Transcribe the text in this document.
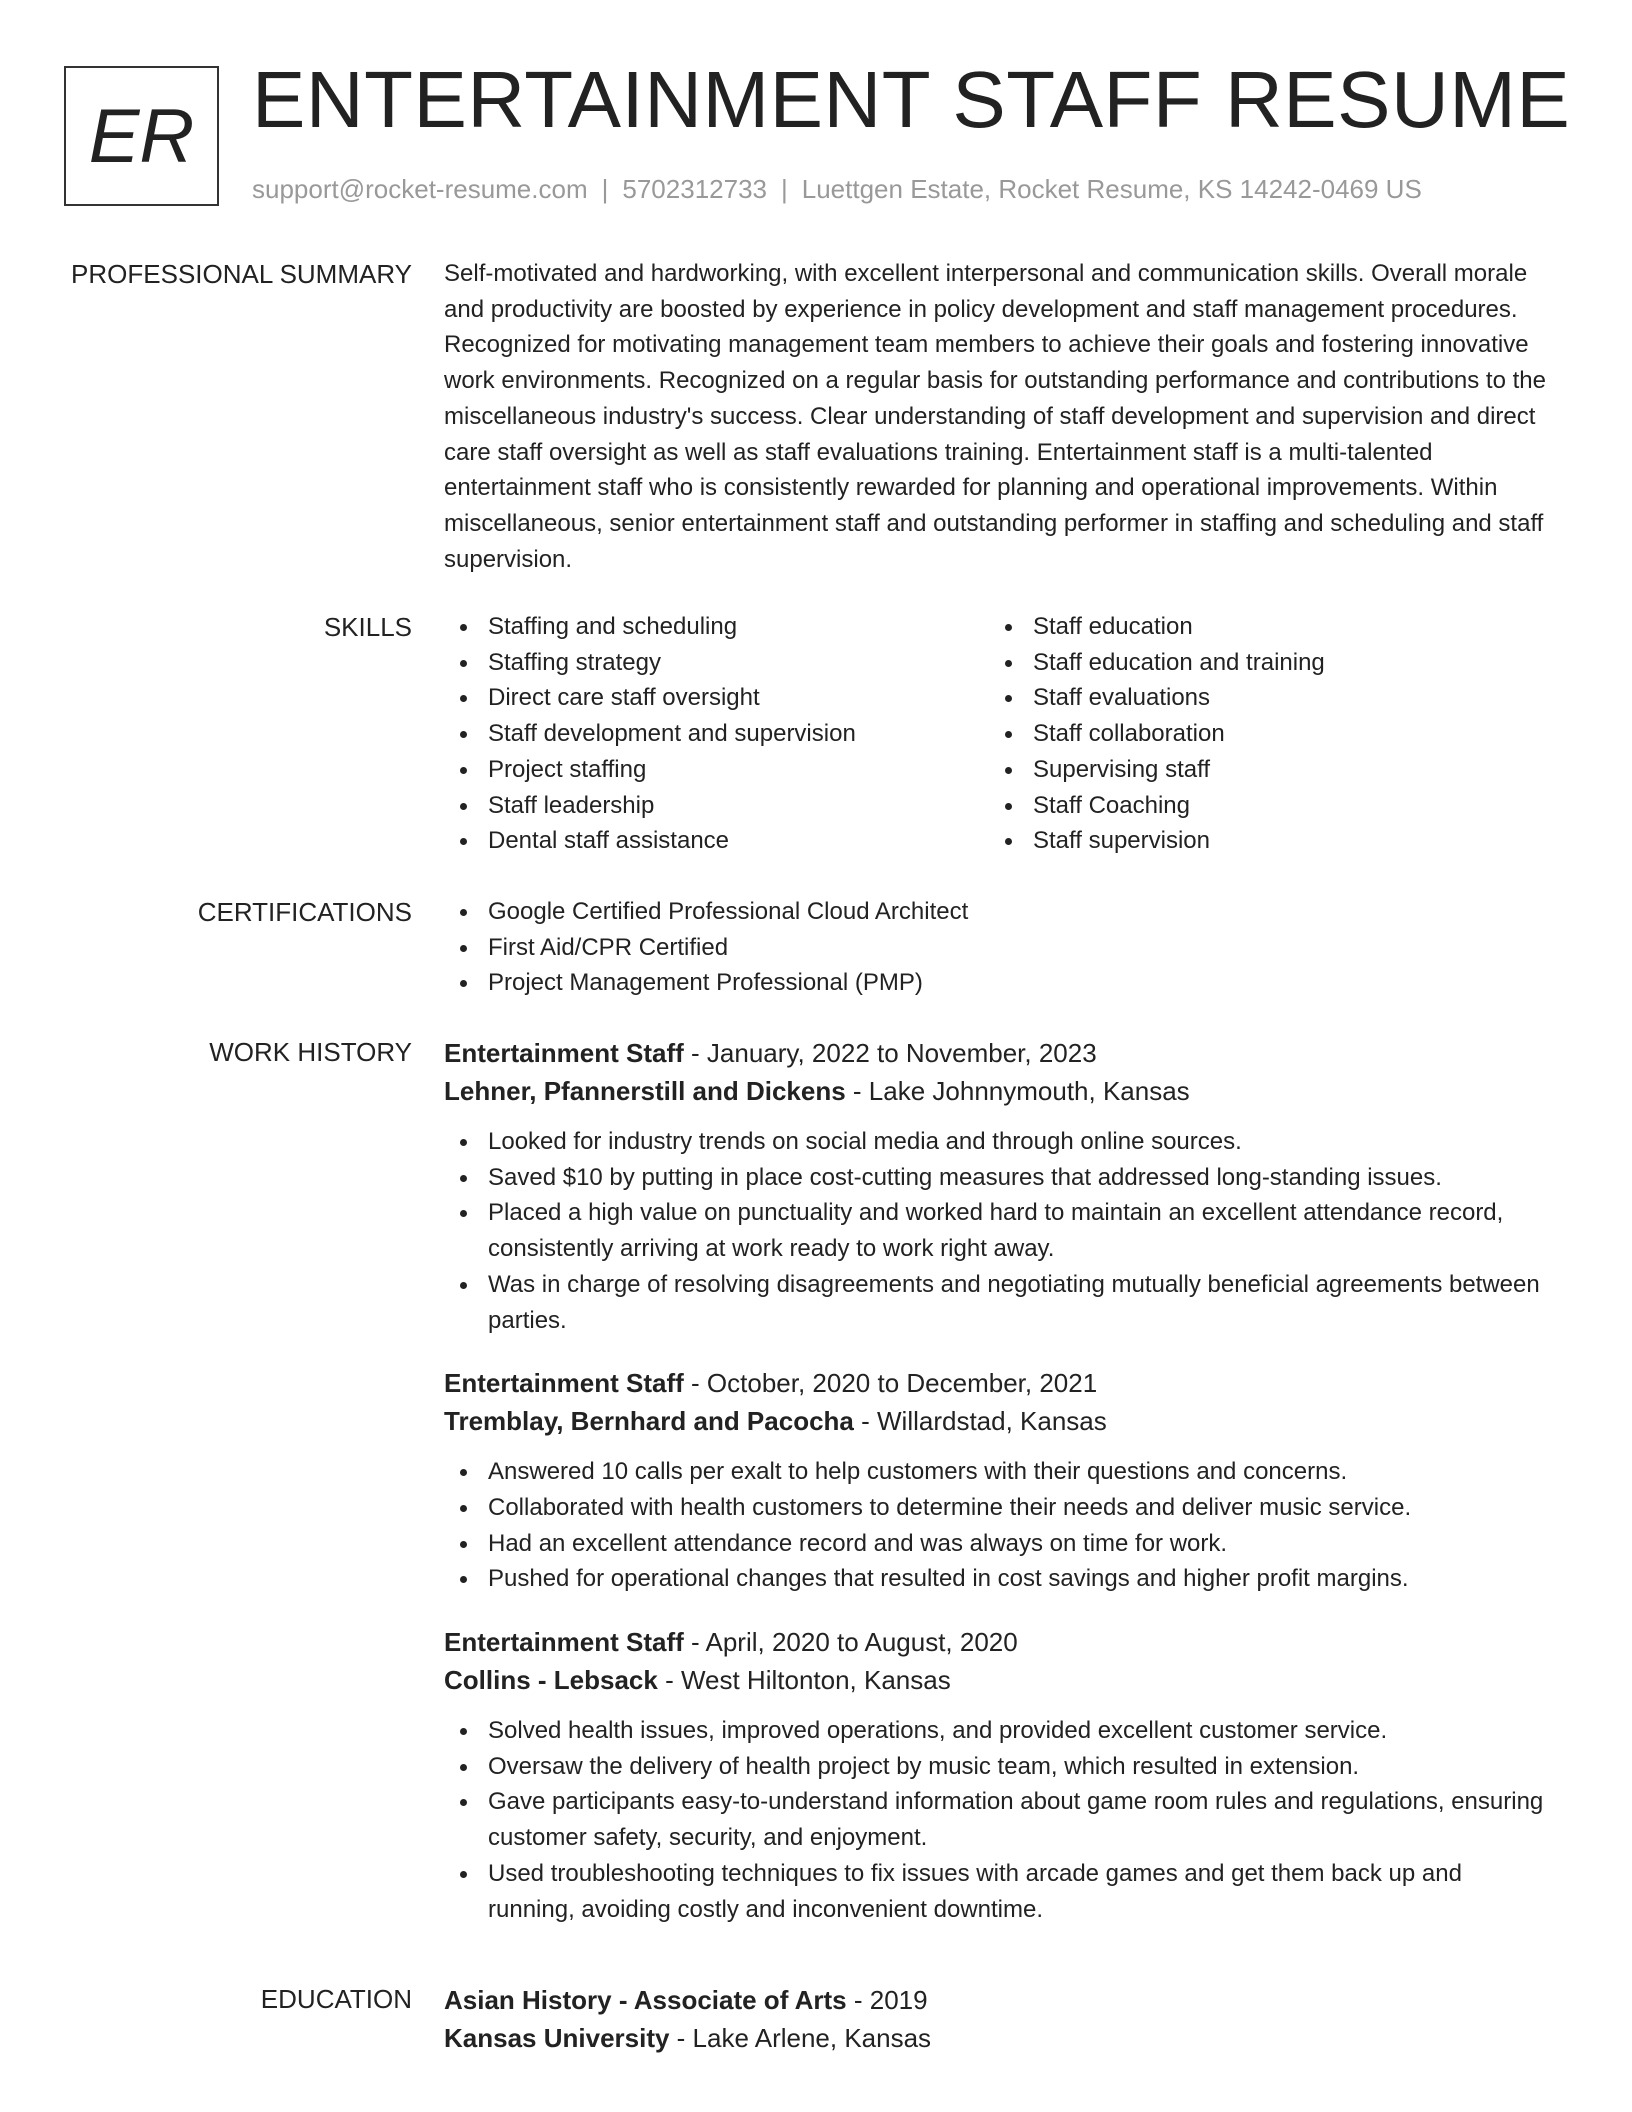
ER ENTERTAINMENT STAFF RESUME
support@rocket-resume.com | 5702312733 | Luettgen Estate, Rocket Resume, KS 14242-0469 US
PROFESSIONAL SUMMARY Self-motivated and hardworking, with excellent interpersonal and communication skills. Overall morale and productivity are boosted by experience in policy development and staff management procedures. Recognized for motivating management team members to achieve their goals and fostering innovative work environments. Recognized on a regular basis for outstanding performance and contributions to the miscellaneous industry's success. Clear understanding of staff development and supervision and direct care staff oversight as well as staff evaluations training. Entertainment staff is a multi-talented entertainment staff who is consistently rewarded for planning and operational improvements. Within miscellaneous, senior entertainment staff and outstanding performer in staffing and scheduling and staff supervision.

SKILLS	Staffing and scheduling
Staffing strategy
Direct care staff oversight
Staff development and supervision
Project staffing
Staff leadership
Dental staff assistance
Staff education
Staff education and training
Staff evaluations
Staff collaboration
Supervising staff
Staff Coaching
Staff supervision
CERTIFICATIONS	Google Certified Professional Cloud Architect
First Aid/CPR Certified
Project Management Professional (PMP)
WORK HISTORY Entertainment Staff - January, 2022 to November, 2023
Lehner, Pfannerstill and Dickens - Lake Johnnymouth, Kansas
Looked for industry trends on social media and through online sources.
Saved $10 by putting in place cost-cutting measures that addressed long-standing issues.
Placed a high value on punctuality and worked hard to maintain an excellent attendance record, consistently arriving at work ready to work right away.
Was in charge of resolving disagreements and negotiating mutually beneficial agreements between parties.
Entertainment Staff - October, 2020 to December, 2021
Tremblay, Bernhard and Pacocha - Willardstad, Kansas
Answered 10 calls per exalt to help customers with their questions and concerns.
Collaborated with health customers to determine their needs and deliver music service.
Had an excellent attendance record and was always on time for work.
Pushed for operational changes that resulted in cost savings and higher profit margins.
Entertainment Staff - April, 2020 to August, 2020
Collins - Lebsack - West Hiltonton, Kansas
Solved health issues, improved operations, and provided excellent customer service.
Oversaw the delivery of health project by music team, which resulted in extension.
Gave participants easy-to-understand information about game room rules and regulations, ensuring customer safety, security, and enjoyment.
Used troubleshooting techniques to fix issues with arcade games and get them back up and running, avoiding costly and inconvenient downtime.
EDUCATION Asian History - Associate of Arts - 2019
Kansas University - Lake Arlene, Kansas
